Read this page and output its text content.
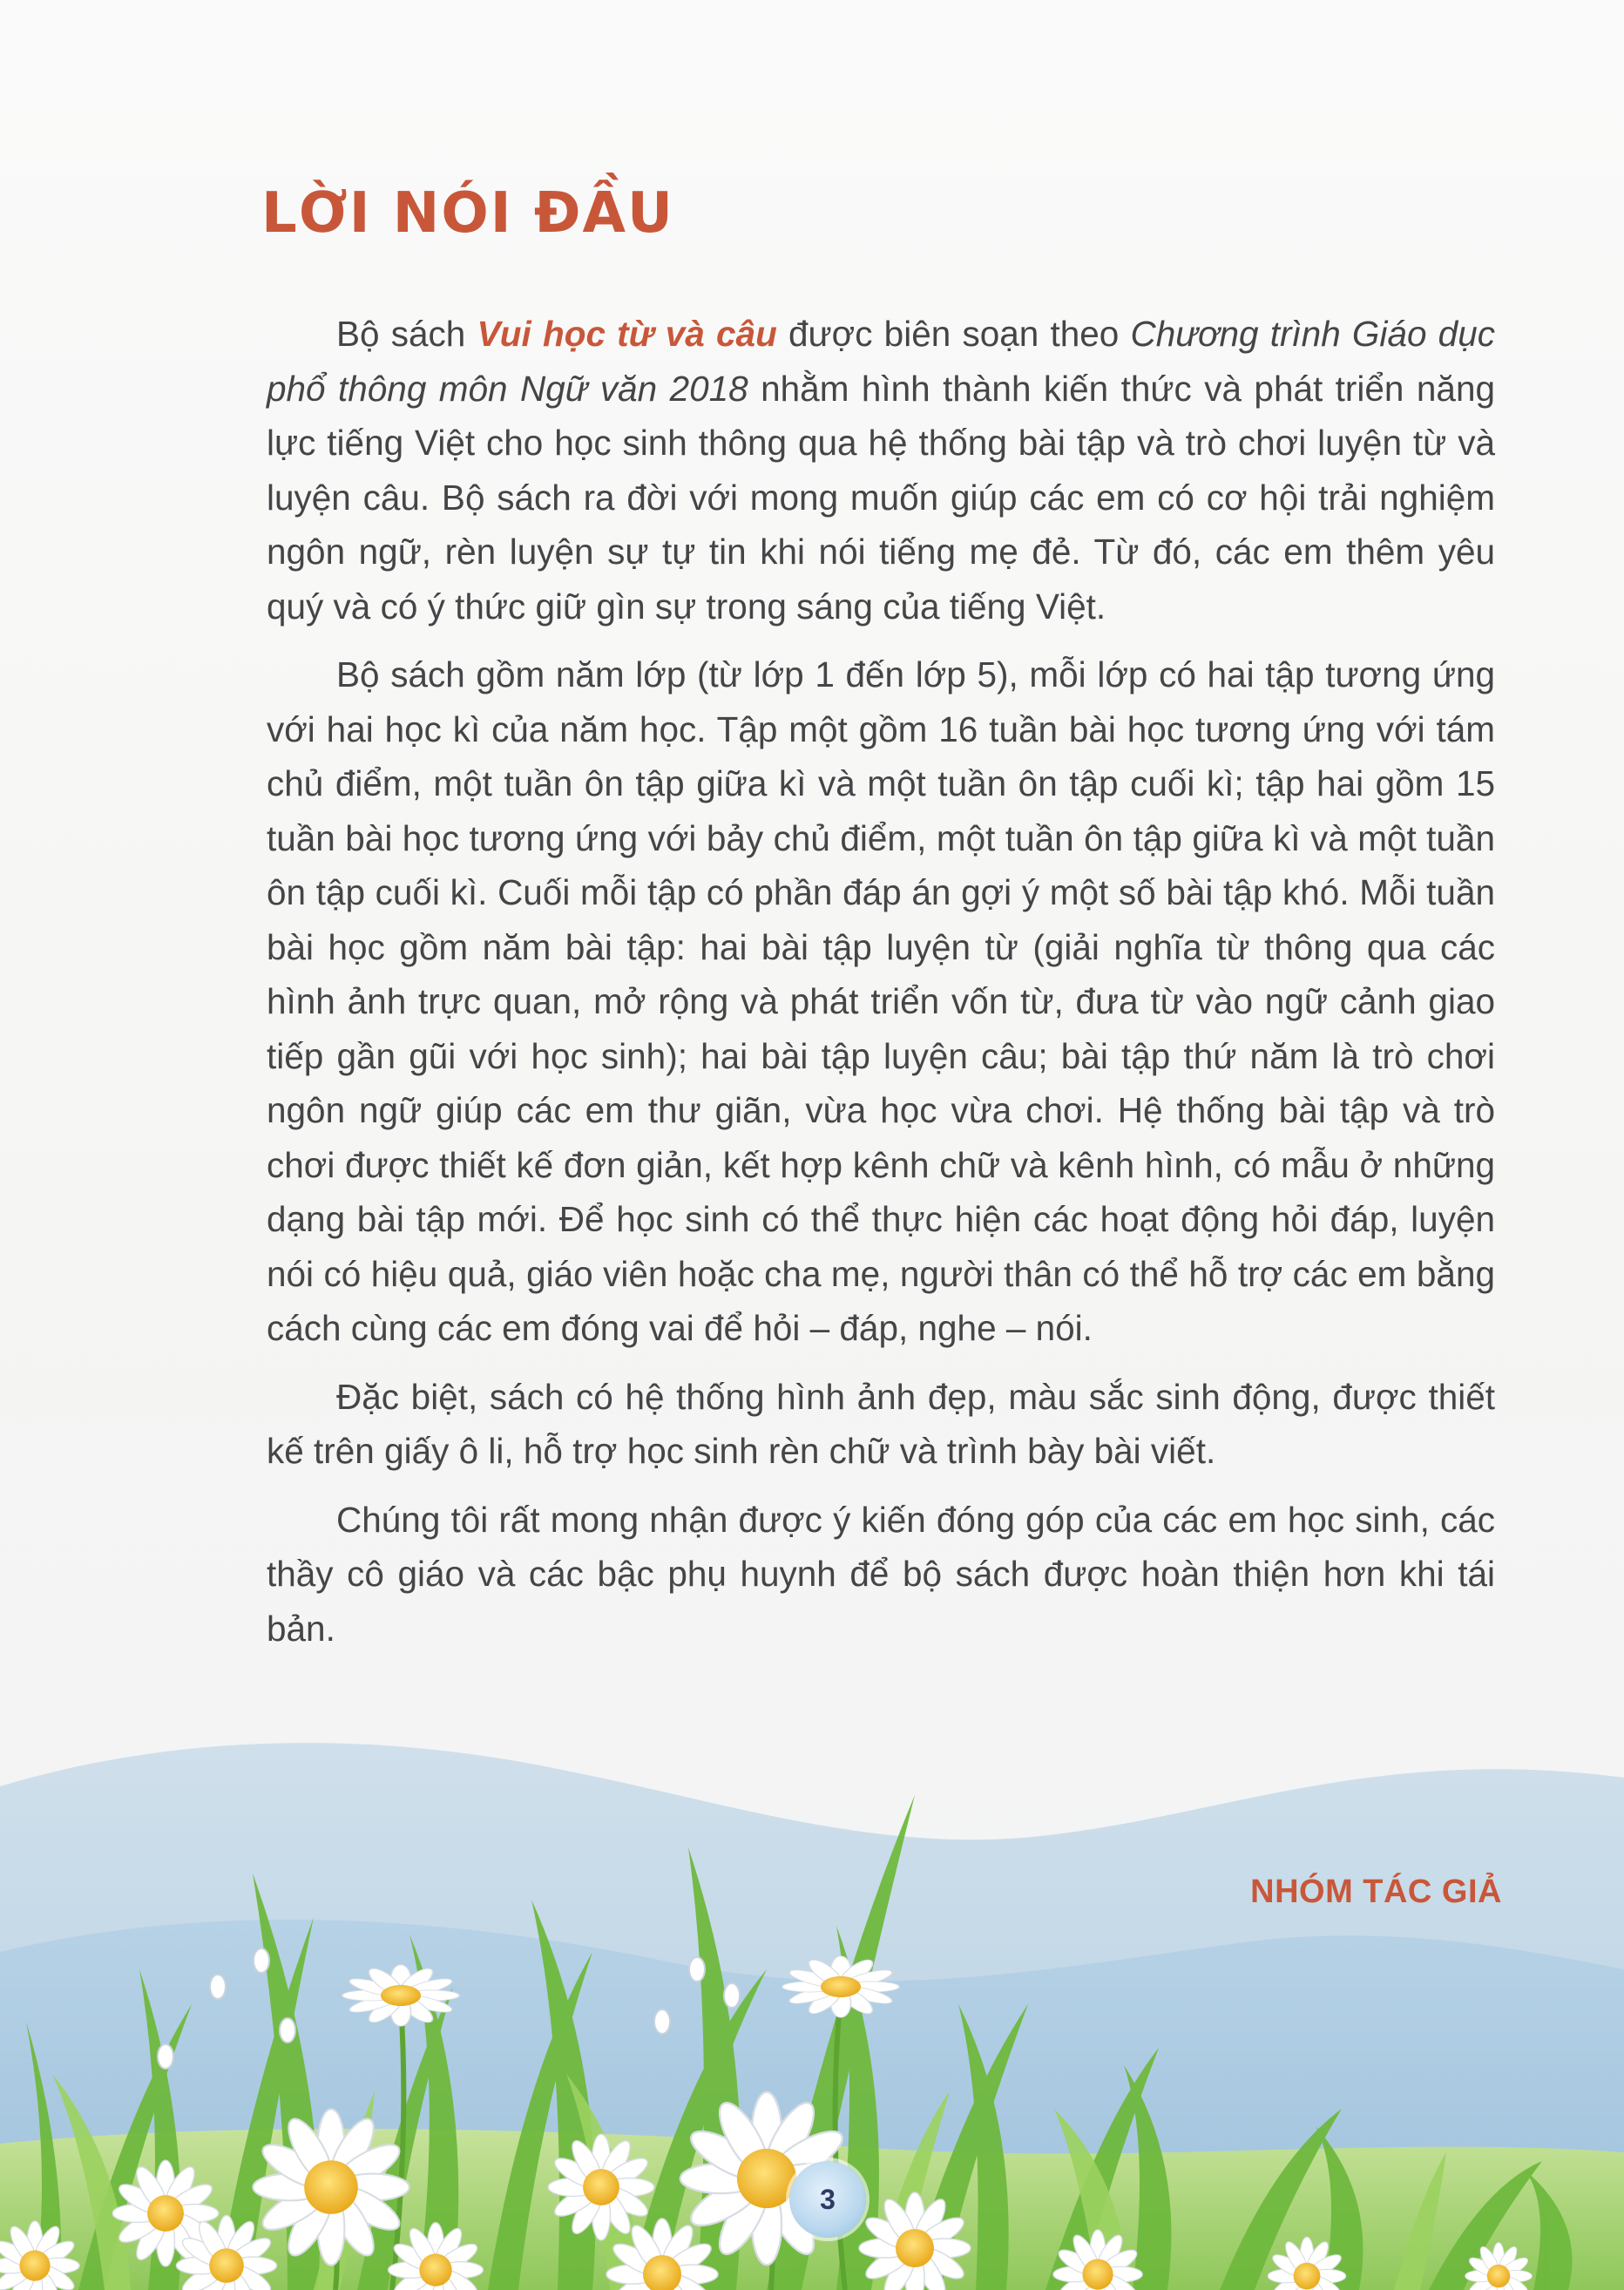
LỜI NÓI ĐẦU

Bộ sách Vui học từ và câu được biên soạn theo Chương trình Giáo dục phổ thông môn Ngữ văn 2018 nhằm hình thành kiến thức và phát triển năng lực tiếng Việt cho học sinh thông qua hệ thống bài tập và trò chơi luyện từ và luyện câu. Bộ sách ra đời với mong muốn giúp các em có cơ hội trải nghiệm ngôn ngữ, rèn luyện sự tự tin khi nói tiếng mẹ đẻ. Từ đó, các em thêm yêu quý và có ý thức giữ gìn sự trong sáng của tiếng Việt.

Bộ sách gồm năm lớp (từ lớp 1 đến lớp 5), mỗi lớp có hai tập tương ứng với hai học kì của năm học. Tập một gồm 16 tuần bài học tương ứng với tám chủ điểm, một tuần ôn tập giữa kì và một tuần ôn tập cuối kì; tập hai gồm 15 tuần bài học tương ứng với bảy chủ điểm, một tuần ôn tập giữa kì và một tuần ôn tập cuối kì. Cuối mỗi tập có phần đáp án gợi ý một số bài tập khó. Mỗi tuần bài học gồm năm bài tập: hai bài tập luyện từ (giải nghĩa từ thông qua các hình ảnh trực quan, mở rộng và phát triển vốn từ, đưa từ vào ngữ cảnh giao tiếp gần gũi với học sinh); hai bài tập luyện câu; bài tập thứ năm là trò chơi ngôn ngữ giúp các em thư giãn, vừa học vừa chơi. Hệ thống bài tập và trò chơi được thiết kế đơn giản, kết hợp kênh chữ và kênh hình, có mẫu ở những dạng bài tập mới. Để học sinh có thể thực hiện các hoạt động hỏi đáp, luyện nói có hiệu quả, giáo viên hoặc cha mẹ, người thân có thể hỗ trợ các em bằng cách cùng các em đóng vai để hỏi – đáp, nghe – nói.

Đặc biệt, sách có hệ thống hình ảnh đẹp, màu sắc sinh động, được thiết kế trên giấy ô li, hỗ trợ học sinh rèn chữ và trình bày bài viết.

Chúng tôi rất mong nhận được ý kiến đóng góp của các em học sinh, các thầy cô giáo và các bậc phụ huynh để bộ sách được hoàn thiện hơn khi tái bản.

NHÓM TÁC GIẢ
3
